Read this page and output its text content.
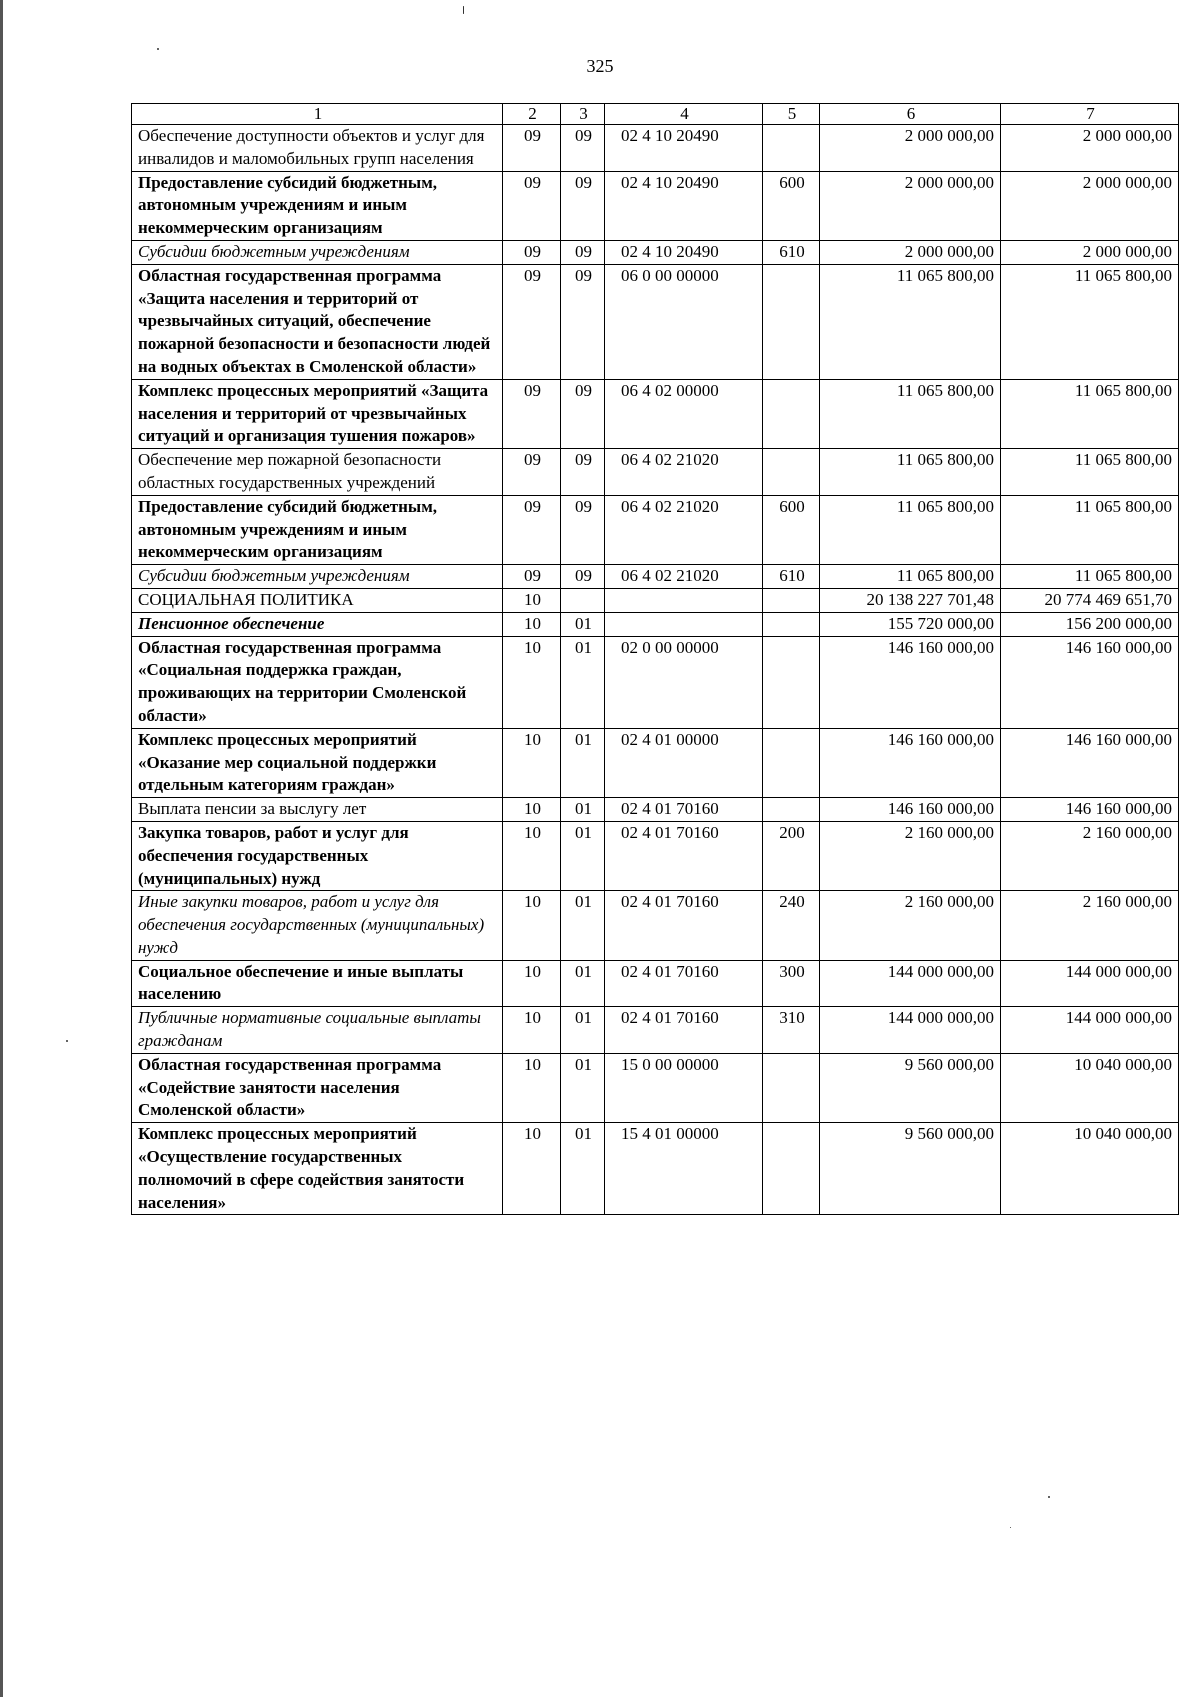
325
1	2	3	4	5	6	7
Обеспечение доступности объектов и услуг для инвалидов и маломобильных групп населения	09	09	02 4 10 20490		2 000 000,00	2 000 000,00
Предоставление субсидий бюджетным, автономным учреждениям и иным некоммерческим организациям	09	09	02 4 10 20490	600	2 000 000,00	2 000 000,00
Субсидии бюджетным учреждениям	09	09	02 4 10 20490	610	2 000 000,00	2 000 000,00
Областная государственная программа «Защита населения и территорий от чрезвычайных ситуаций, обеспечение пожарной безопасности и безопасности людей на водных объектах в Смоленской области»	09	09	06 0 00 00000		11 065 800,00	11 065 800,00
Комплекс процессных мероприятий «Защита населения и территорий от чрезвычайных ситуаций и организация тушения пожаров»	09	09	06 4 02 00000		11 065 800,00	11 065 800,00
Обеспечение мер пожарной безопасности областных государственных учреждений	09	09	06 4 02 21020		11 065 800,00	11 065 800,00
Предоставление субсидий бюджетным, автономным учреждениям и иным некоммерческим организациям	09	09	06 4 02 21020	600	11 065 800,00	11 065 800,00
Субсидии бюджетным учреждениям	09	09	06 4 02 21020	610	11 065 800,00	11 065 800,00
СОЦИАЛЬНАЯ ПОЛИТИКА	10				20 138 227 701,48	20 774 469 651,70
Пенсионное обеспечение	10	01			155 720 000,00	156 200 000,00
Областная государственная программа «Социальная поддержка граждан, проживающих на территории Смоленской области»	10	01	02 0 00 00000		146 160 000,00	146 160 000,00
Комплекс процессных мероприятий «Оказание мер социальной поддержки отдельным категориям граждан»	10	01	02 4 01 00000		146 160 000,00	146 160 000,00
Выплата пенсии за выслугу лет	10	01	02 4 01 70160		146 160 000,00	146 160 000,00
Закупка товаров, работ и услуг для обеспечения государственных (муниципальных) нужд	10	01	02 4 01 70160	200	2 160 000,00	2 160 000,00
Иные закупки товаров, работ и услуг для обеспечения государственных (муниципальных) нужд	10	01	02 4 01 70160	240	2 160 000,00	2 160 000,00
Социальное обеспечение и иные выплаты населению	10	01	02 4 01 70160	300	144 000 000,00	144 000 000,00
Публичные нормативные социальные выплаты гражданам	10	01	02 4 01 70160	310	144 000 000,00	144 000 000,00
Областная государственная программа «Содействие занятости населения Смоленской области»	10	01	15 0 00 00000		9 560 000,00	10 040 000,00
Комплекс процессных мероприятий «Осуществление государственных полномочий в сфере содействия занятости населения»	10	01	15 4 01 00000		9 560 000,00	10 040 000,00
